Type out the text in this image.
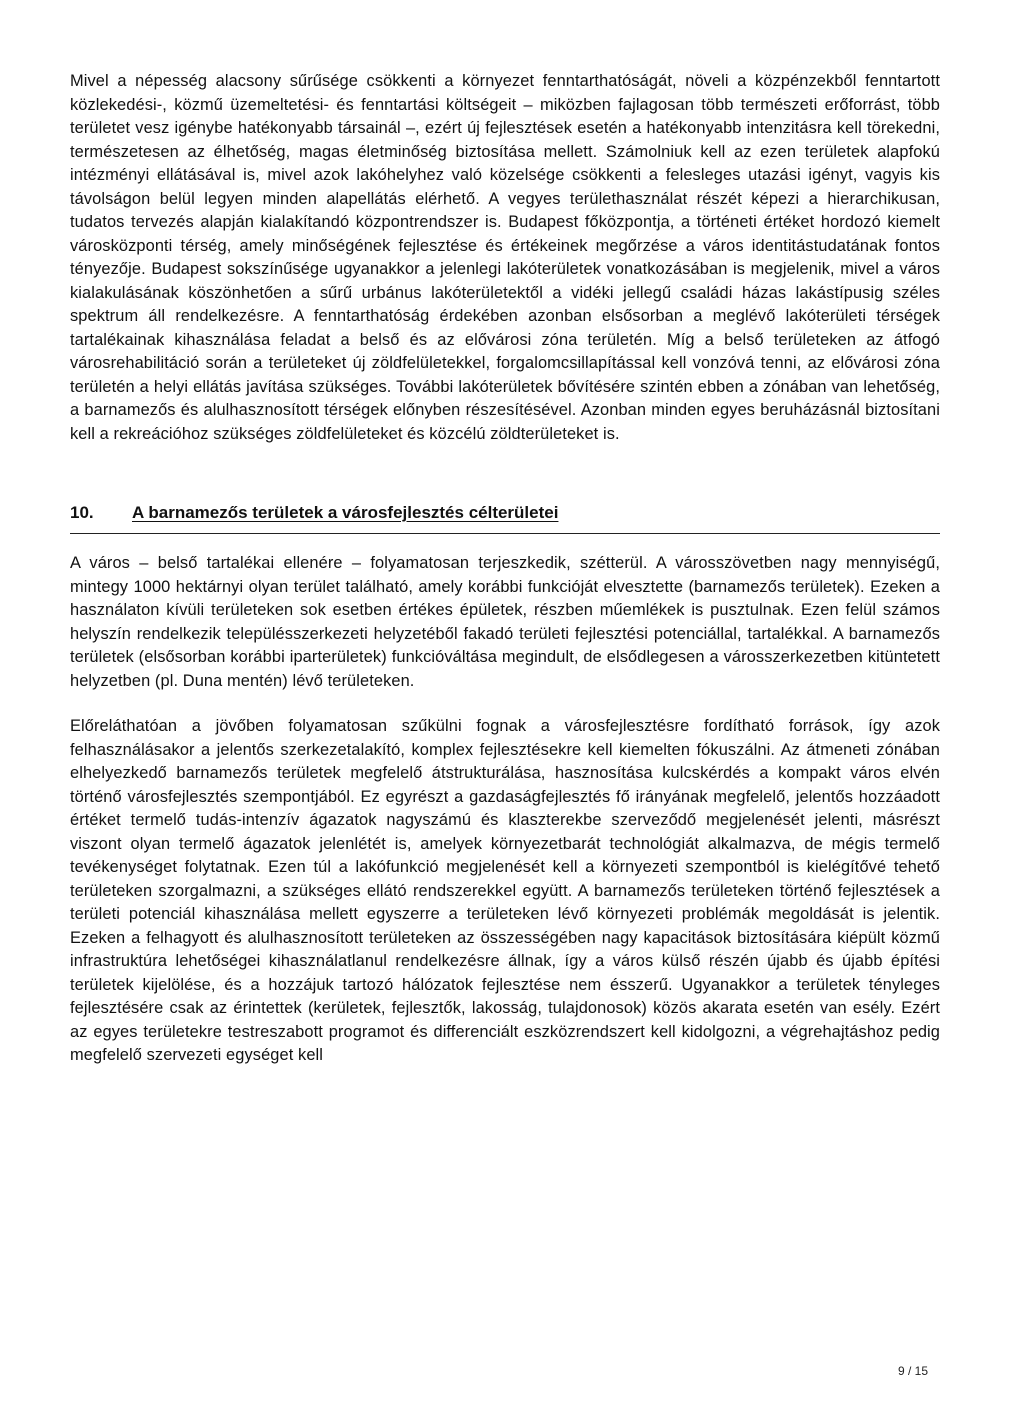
Mivel a népesség alacsony sűrűsége csökkenti a környezet fenntarthatóságát, növeli a közpénzekből fenntartott közlekedési-, közmű üzemeltetési- és fenntartási költségeit – miközben fajlagosan több természeti erőforrást, több területet vesz igénybe hatékonyabb társainál –, ezért új fejlesztések esetén a hatékonyabb intenzitásra kell törekedni, természetesen az élhetőség, magas életminőség biztosítása mellett. Számolniuk kell az ezen területek alapfokú intézményi ellátásával is, mivel azok lakóhelyhez való közelsége csökkenti a felesleges utazási igényt, vagyis kis távolságon belül legyen minden alapellátás elérhető. A vegyes területhasználat részét képezi a hierarchikusan, tudatos tervezés alapján kialakítandó központrendszer is. Budapest főközpontja, a történeti értéket hordozó kiemelt városközponti térség, amely minőségének fejlesztése és értékeinek megőrzése a város identitástudatának fontos tényezője. Budapest sokszínűsége ugyanakkor a jelenlegi lakóterületek vonatkozásában is megjelenik, mivel a város kialakulásának köszönhetően a sűrű urbánus lakóterületektől a vidéki jellegű családi házas lakástípusig széles spektrum áll rendelkezésre. A fenntarthatóság érdekében azonban elsősorban a meglévő lakóterületi térségek tartalékainak kihasználása feladat a belső és az elővárosi zóna területén. Míg a belső területeken az átfogó városrehabilitáció során a területeket új zöldfelületekkel, forgalomcsillapítással kell vonzóvá tenni, az elővárosi zóna területén a helyi ellátás javítása szükséges. További lakóterületek bővítésére szintén ebben a zónában van lehetőség, a barnamezős és alulhasznosított térségek előnyben részesítésével. Azonban minden egyes beruházásnál biztosítani kell a rekreációhoz szükséges zöldfelületeket és közcélú zöldterületeket is.

10. A barnamezős területek a városfejlesztés célterületei

A város – belső tartalékai ellenére – folyamatosan terjeszkedik, szétterül. A városszövetben nagy mennyiségű, mintegy 1000 hektárnyi olyan terület található, amely korábbi funkcióját elvesztette (barnamezős területek). Ezeken a használaton kívüli területeken sok esetben értékes épületek, részben műemlékek is pusztulnak. Ezen felül számos helyszín rendelkezik településszerkezeti helyzetéből fakadó területi fejlesztési potenciállal, tartalékkal. A barnamezős területek (elsősorban korábbi iparterületek) funkcióváltása megindult, de elsődlegesen a városszerkezetben kitüntetett helyzetben (pl. Duna mentén) lévő területeken.

Előreláthatóan a jövőben folyamatosan szűkülni fognak a városfejlesztésre fordítható források, így azok felhasználásakor a jelentős szerkezetalakító, komplex fejlesztésekre kell kiemelten fókuszálni. Az átmeneti zónában elhelyezkedő barnamezős területek megfelelő átstrukturálása, hasznosítása kulcskérdés a kompakt város elvén történő városfejlesztés szempontjából. Ez egyrészt a gazdaságfejlesztés fő irányának megfelelő, jelentős hozzáadott értéket termelő tudás-intenzív ágazatok nagyszámú és klaszterekbe szerveződő megjelenését jelenti, másrészt viszont olyan termelő ágazatok jelenlétét is, amelyek környezetbarát technológiát alkalmazva, de mégis termelő tevékenységet folytatnak. Ezen túl a lakófunkció megjelenését kell a környezeti szempontból is kielégítővé tehető területeken szorgalmazni, a szükséges ellátó rendszerekkel együtt. A barnamezős területeken történő fejlesztések a területi potenciál kihasználása mellett egyszerre a területeken lévő környezeti problémák megoldását is jelentik. Ezeken a felhagyott és alulhasznosított területeken az összességében nagy kapacitások biztosítására kiépült közmű infrastruktúra lehetőségei kihasználatlanul rendelkezésre állnak, így a város külső részén újabb és újabb építési területek kijelölése, és a hozzájuk tartozó hálózatok fejlesztése nem ésszerű. Ugyanakkor a területek tényleges fejlesztésére csak az érintettek (kerületek, fejlesztők, lakosság, tulajdonosok) közös akarata esetén van esély. Ezért az egyes területekre testreszabott programot és differenciált eszközrendszert kell kidolgozni, a végrehajtáshoz pedig megfelelő szervezeti egységet kell

9 / 15
